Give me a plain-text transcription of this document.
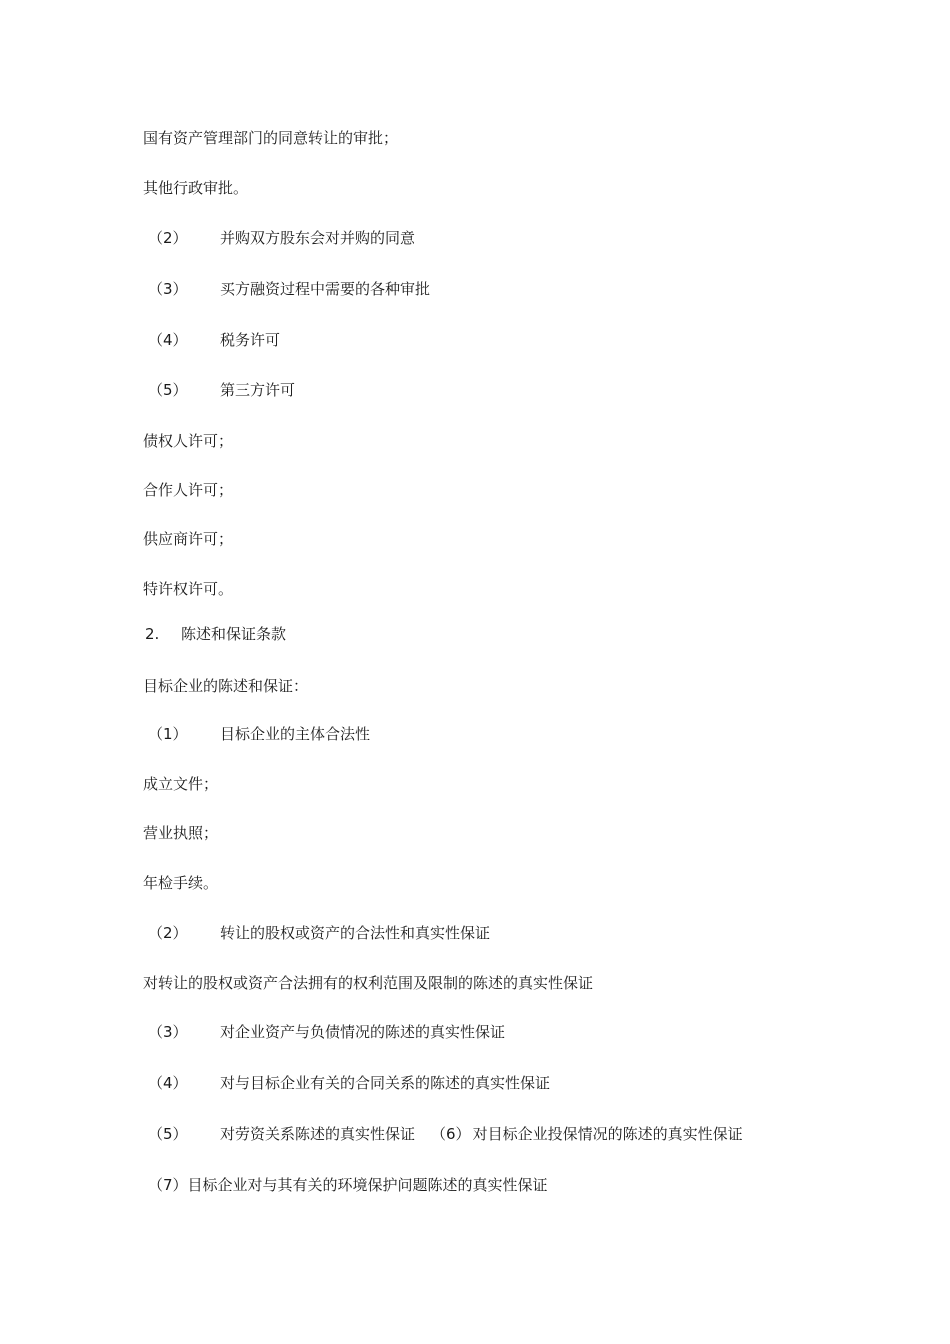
国有资产管理部门的同意转让的审批；
其他行政审批。
（2） 并购双方股东会对并购的同意
（3） 买方融资过程中需要的各种审批
（4） 税务许可
（5） 第三方许可
债权人许可；
合作人许可；
供应商许可；
特许权许可。
2. 陈述和保证条款
目标企业的陈述和保证：
（1） 目标企业的主体合法性
成立文件；
营业执照；
年检手续。
（2） 转让的股权或资产的合法性和真实性保证
对转让的股权或资产合法拥有的权利范围及限制的陈述的真实性保证
（3） 对企业资产与负债情况的陈述的真实性保证
（4） 对与目标企业有关的合同关系的陈述的真实性保证
（5） 对劳资关系陈述的真实性保证 （6） 对目标企业投保情况的陈述的真实性保证
（7）目标企业对与其有关的环境保护问题陈述的真实性保证
